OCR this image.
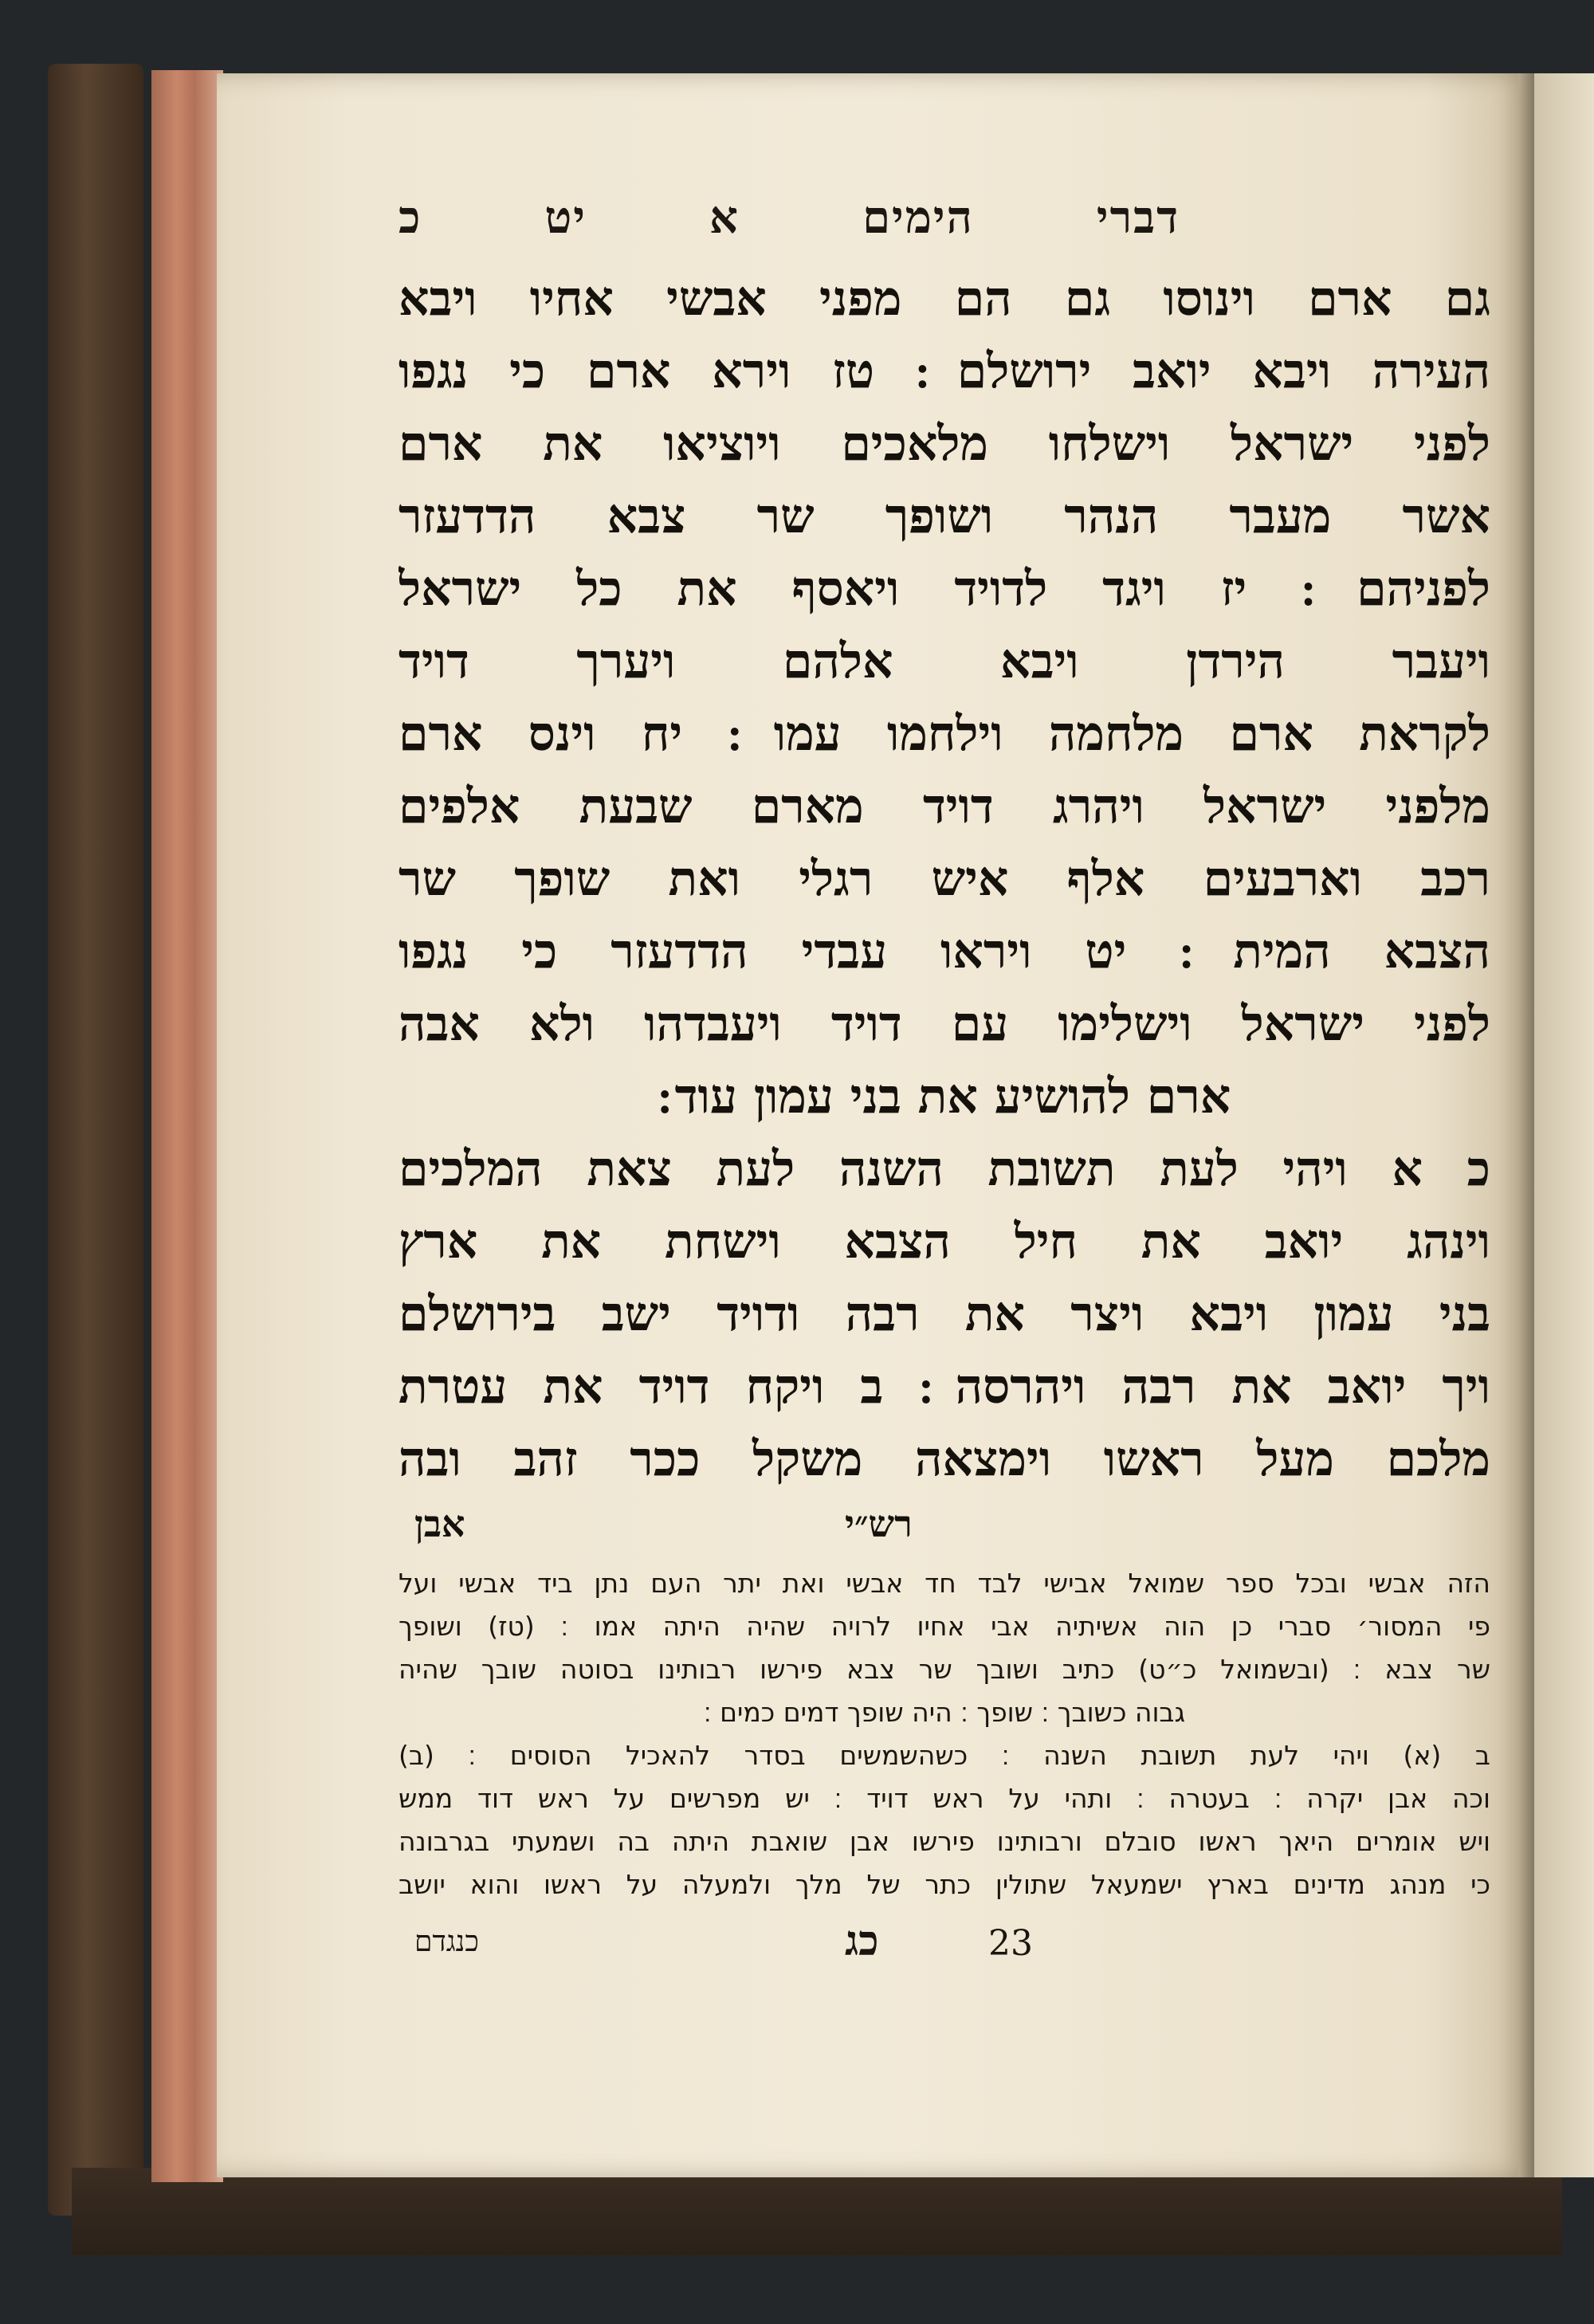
דברי הימים א יט כ
גם ארם וינוסו גם הם מפני אבשי אחיו ויבא
העירה ויבא יואב ירושלם ׃ טז וירא ארם כי נגפו
לפני ישראל וישלחו מלאכים ויוציאו את ארם
אשר מעבר הנהר ושופך שר צבא הדדעזר
לפניהם ׃ יז ויגד לדויד ויאסף את כל ישראל
ויעבר הירדן ויבא אלהם ויערך דויד
לקראת ארם מלחמה וילחמו עמו ׃ יח וינס ארם
מלפני ישראל ויהרג דויד מארם שבעת אלפים
רכב וארבעים אלף איש רגלי ואת שופך שר
הצבא המית ׃ יט ויראו עבדי הדדעזר כי נגפו
לפני ישראל וישלימו עם דויד ויעבדהו ולא אבה
ארם להושיע את בני עמון עוד ׃
כ א ויהי לעת תשובת השנה לעת צאת המלכים
וינהג יואב את חיל הצבא וישחת את ארץ
בני עמון ויבא ויצר את רבה ודויד ישב בירושלם
ויך יואב את רבה ויהרסה ׃ ב ויקח דויד את עטרת
מלכם מעל ראשו וימצאה משקל ככר זהב ובה
אבן	רש״י
הזה אבשי ובכל ספר שמואל אבישי לבד חד אבשי ואת יתר העם נתן ביד אבשי ועל
פי המסור׳ סברי כן הוה אשיתיה אבי אחיו לרויה שהיה היתה אמו ׃ (טז) ושופך
שר צבא ׃ (ובשמואל כ״ט) כתיב ושובך שר צבא פירשו רבותינו בסוטה שובך שהיה
גבוה כשובך ׃ שופך ׃ היה שופך דמים כמים ׃
ב (א) ויהי לעת תשובת השנה ׃ כשהשמשים בסדר להאכיל הסוסים ׃ (ב)
וכה אבן יקרה ׃ בעטרה ׃ ותהי על ראש דויד ׃ יש מפרשים על ראש דוד ממש
ויש אומרים היאך ראשו סובלם ורבותינו פירשו אבן שואבת היתה בה ושמעתי בגרבונה
כי מנהג מדינים בארץ ישמעאל שתולין כתר של מלך ולמעלה על ראשו והוא יושב
כנגדם	כג	23
